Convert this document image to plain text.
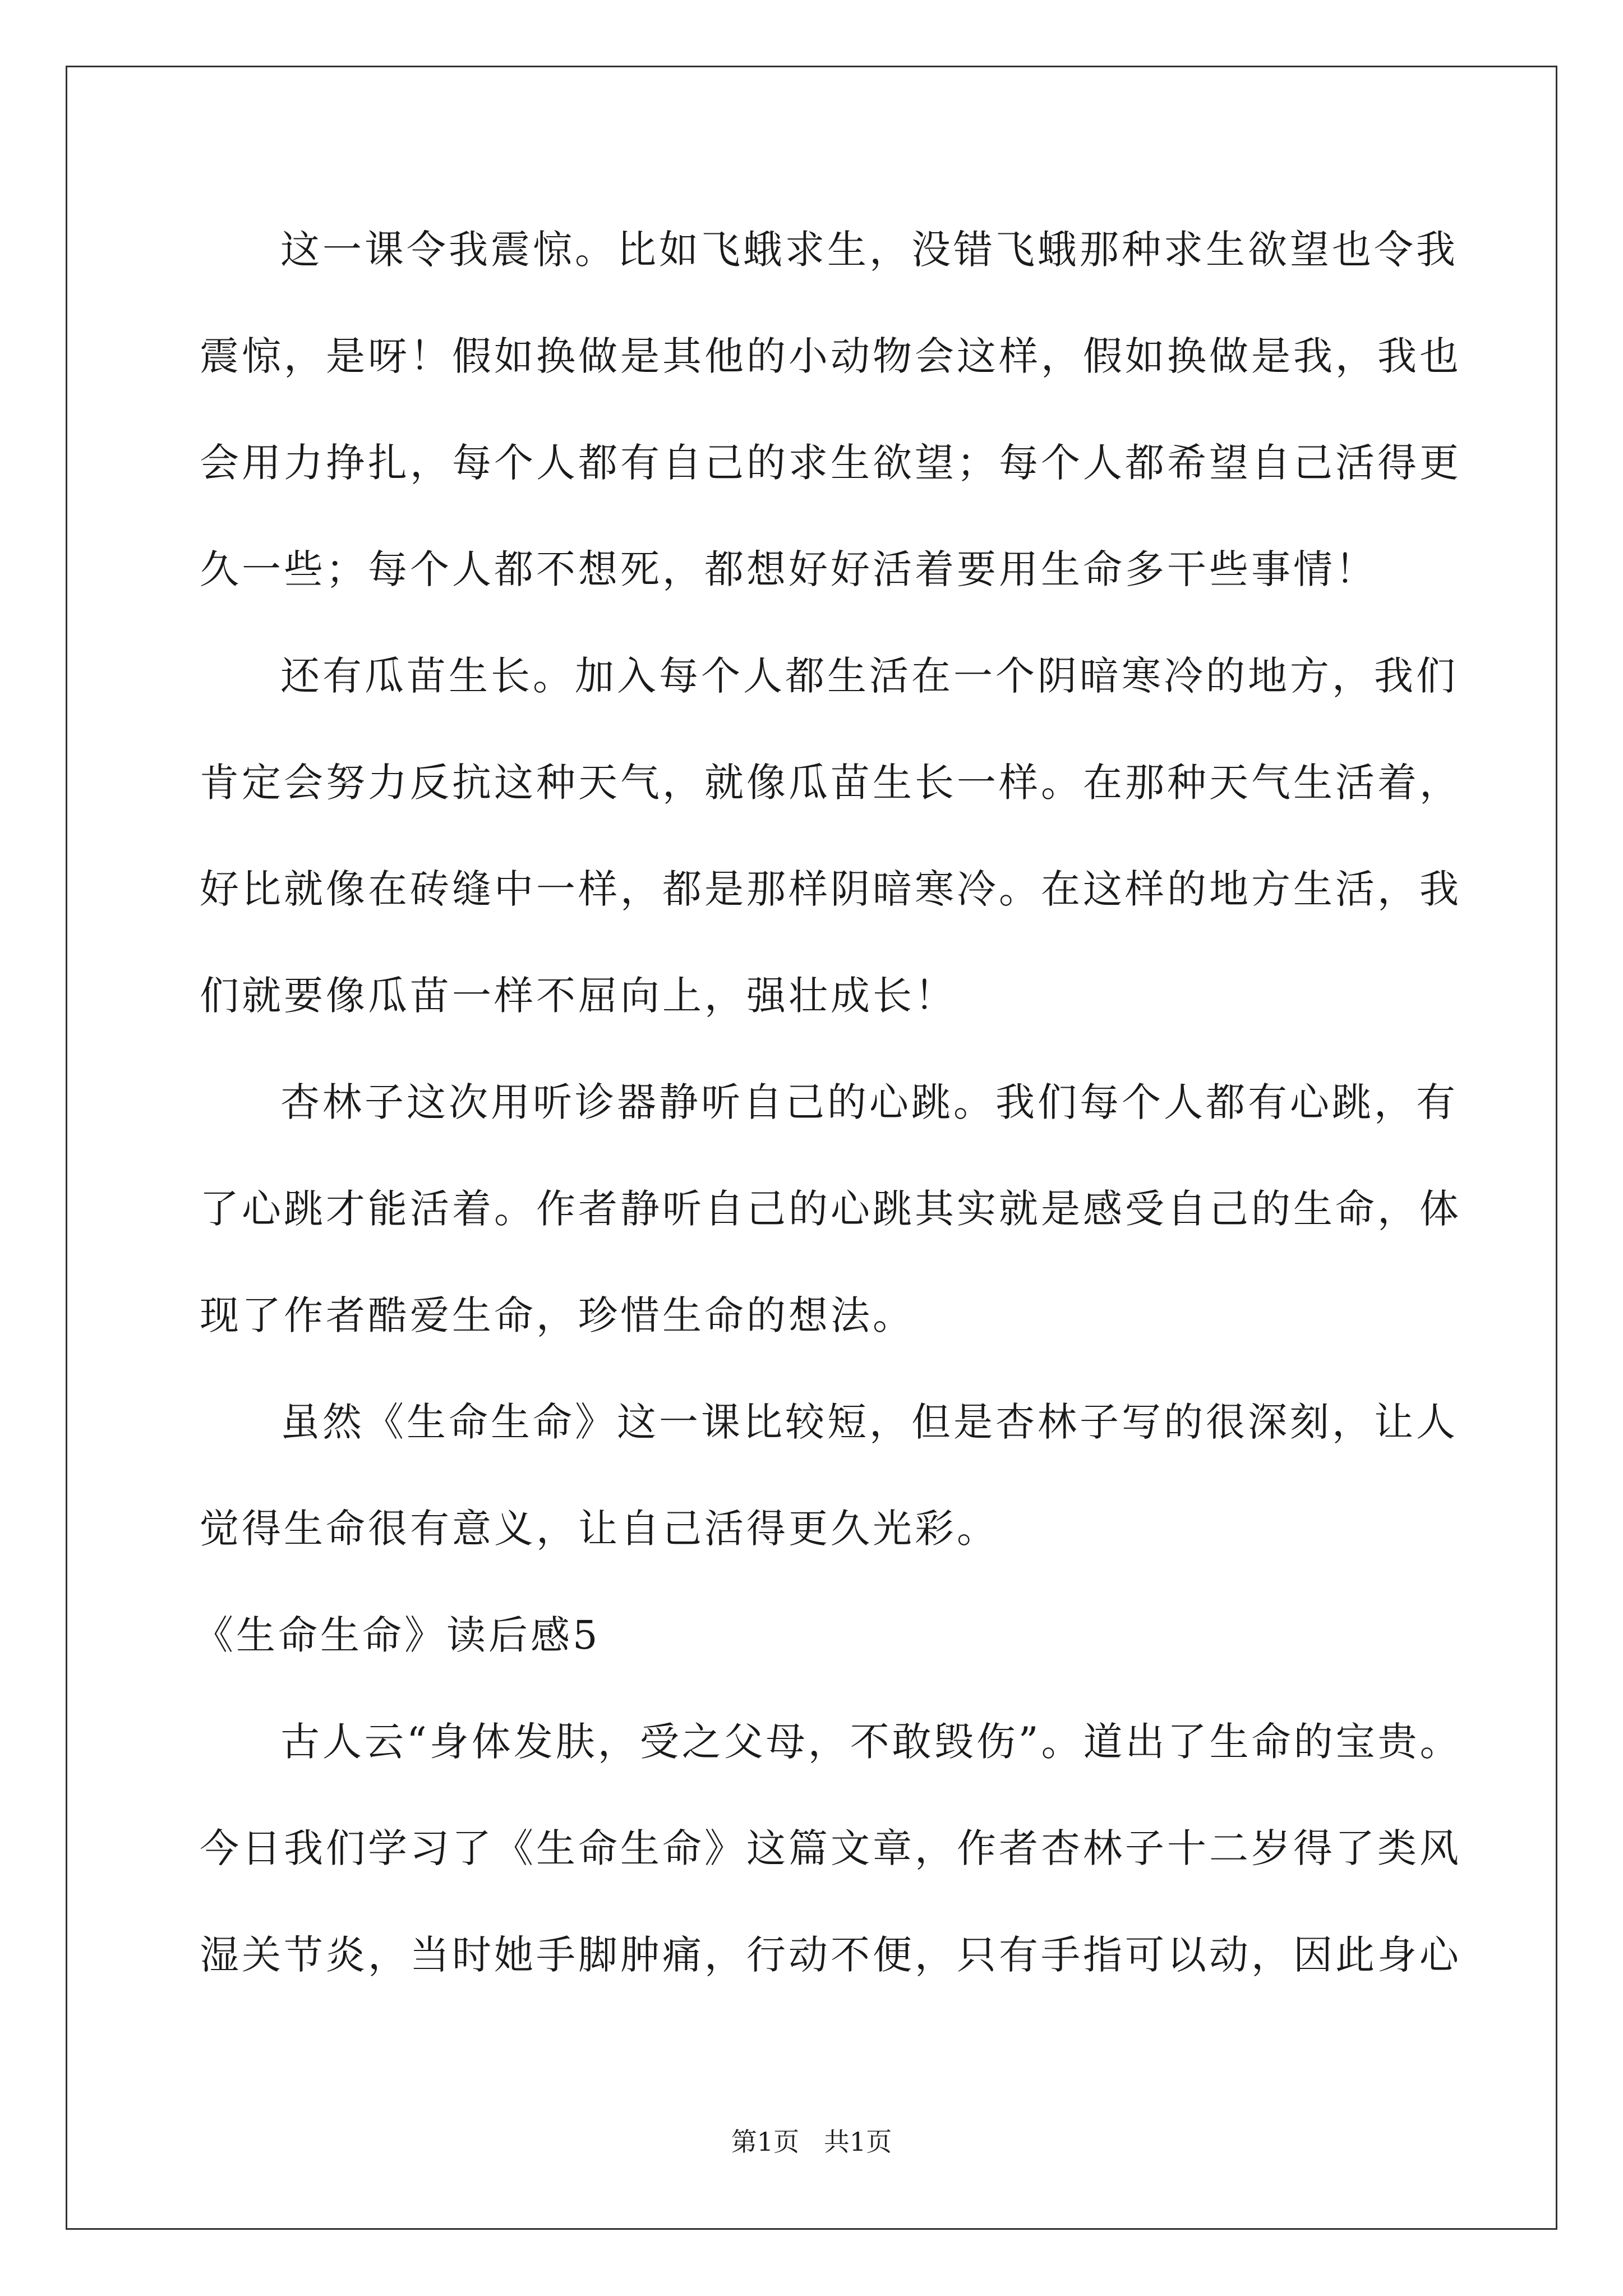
这一课令我震惊。比如飞蛾求生，没错飞蛾那种求生欲望也令我
震惊，是呀！假如换做是其他的小动物会这样，假如换做是我，我也
会用力挣扎，每个人都有自己的求生欲望；每个人都希望自己活得更
久一些；每个人都不想死，都想好好活着要用生命多干些事情！
还有瓜苗生长。加入每个人都生活在一个阴暗寒冷的地方，我们
肯定会努力反抗这种天气，就像瓜苗生长一样。在那种天气生活着，
好比就像在砖缝中一样，都是那样阴暗寒冷。在这样的地方生活，我
们就要像瓜苗一样不屈向上，强壮成长！
杏林子这次用听诊器静听自己的心跳。我们每个人都有心跳，有
了心跳才能活着。作者静听自己的心跳其实就是感受自己的生命，体
现了作者酷爱生命，珍惜生命的想法。
虽然《生命生命》这一课比较短，但是杏林子写的很深刻，让人
觉得生命很有意义，让自己活得更久光彩。
《生命生命》读后感5
古人云“身体发肤，受之父母，不敢毁伤”。道出了生命的宝贵。
今日我们学习了《生命生命》这篇文章，作者杏林子十二岁得了类风
湿关节炎，当时她手脚肿痛，行动不便，只有手指可以动，因此身心
第1页   共1页
